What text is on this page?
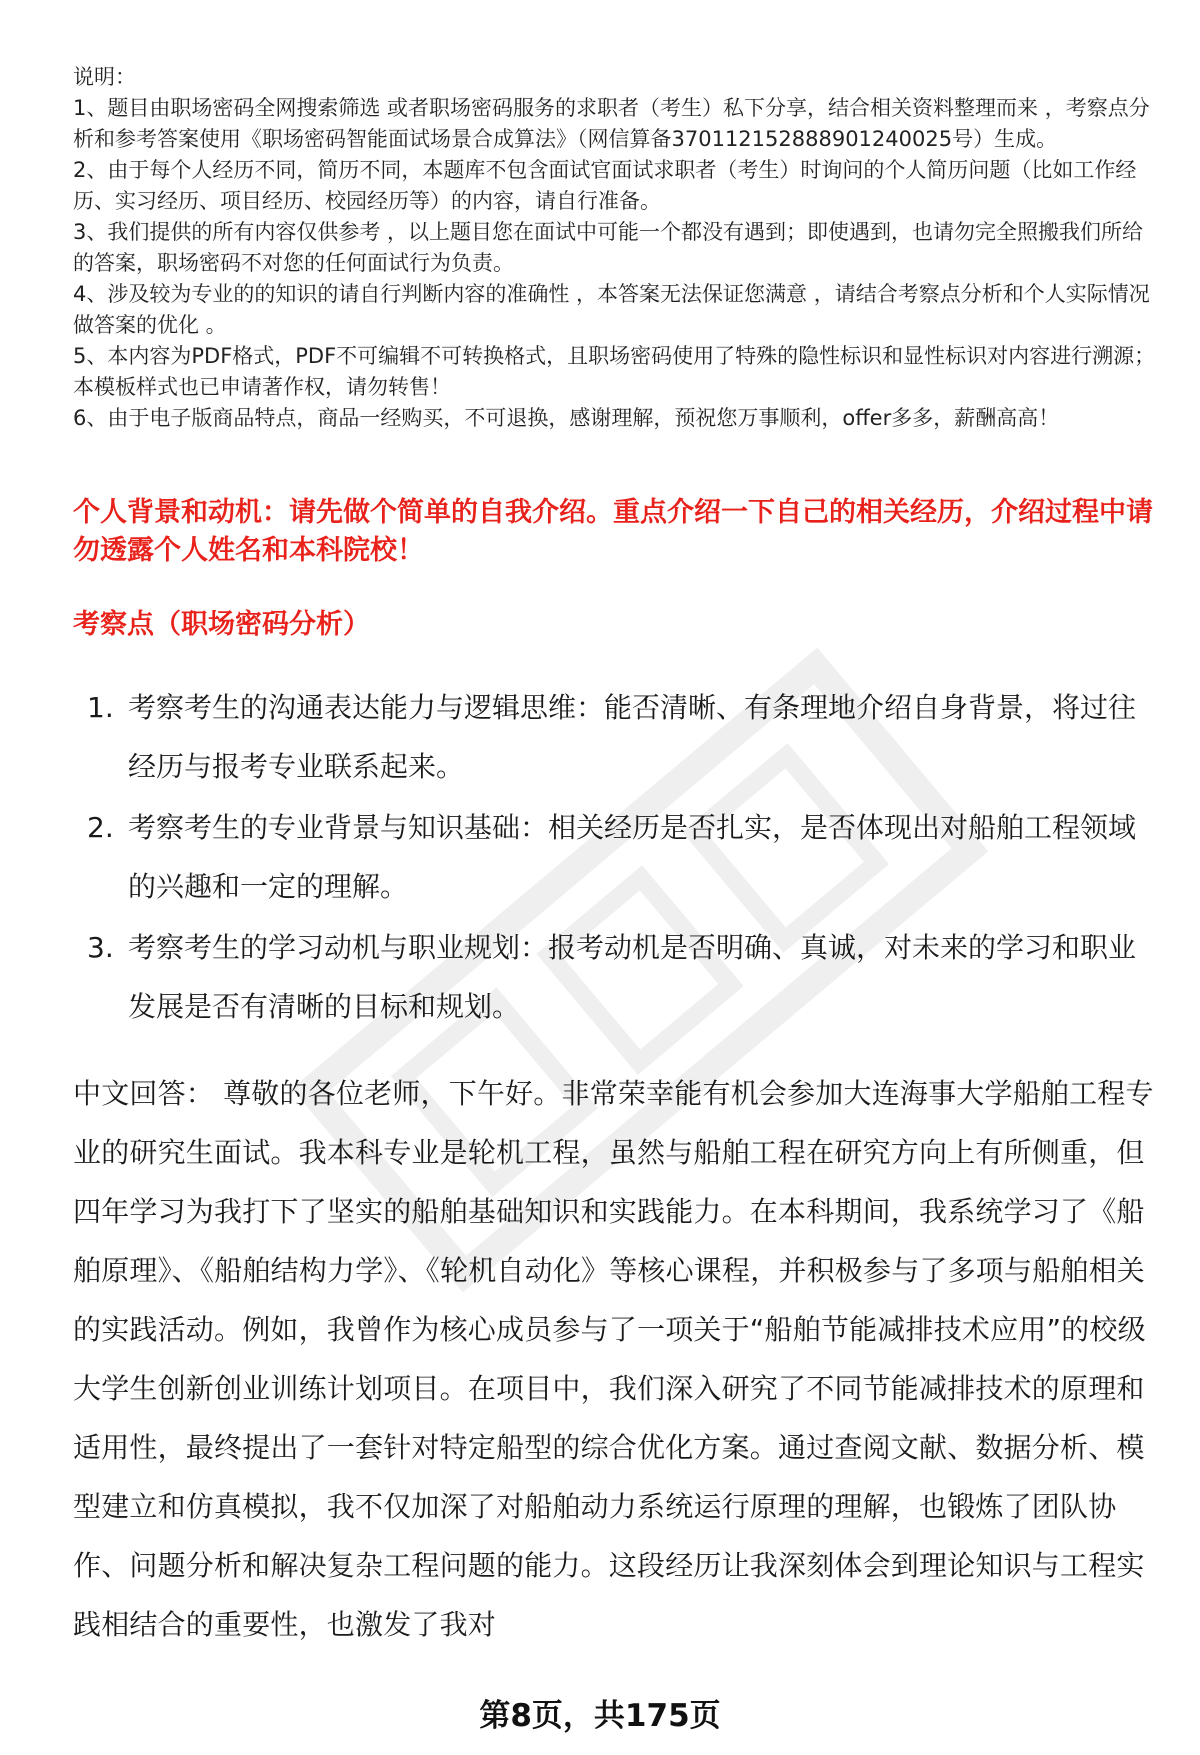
说明：

1、题目由职场密码全网搜索筛选 或者职场密码服务的求职者（考生）私下分享，结合相关资料整理而来 ，考察点分析和参考答案使用《职场密码智能面试场景合成算法》（网信算备370112152888901240025号）生成。

2、由于每个人经历不同，简历不同，本题库不包含面试官面试求职者（考生）时询问的个人简历问题（比如工作经历、实习经历、项目经历、校园经历等）的内容，请自行准备。

3、我们提供的所有内容仅供参考 ，以上题目您在面试中可能一个都没有遇到；即使遇到，也请勿完全照搬我们所给的答案，职场密码不对您的任何面试行为负责。

4、涉及较为专业的的知识的请自行判断内容的准确性 ，本答案无法保证您满意 ，请结合考察点分析和个人实际情况做答案的优化 。

5、本内容为PDF格式，PDF不可编辑不可转换格式，且职场密码使用了特殊的隐性标识和显性标识对内容进行溯源；本模板样式也已申请著作权，请勿转售！

6、由于电子版商品特点，商品一经购买，不可退换，感谢理解，预祝您万事顺利，offer多多，薪酬高高！

个人背景和动机：请先做个简单的自我介绍。重点介绍一下自己的相关经历，介绍过程中请勿透露个人姓名和本科院校！

考察点（职场密码分析）

1. 考察考生的沟通表达能力与逻辑思维：能否清晰、有条理地介绍自身背景，将过往经历与报考专业联系起来。
2. 考察考生的专业背景与知识基础：相关经历是否扎实，是否体现出对船舶工程领域的兴趣和一定的理解。
3. 考察考生的学习动机与职业规划：报考动机是否明确、真诚，对未来的学习和职业发展是否有清晰的目标和规划。

中文回答： 尊敬的各位老师，下午好。非常荣幸能有机会参加大连海事大学船舶工程专业的研究生面试。我本科专业是轮机工程，虽然与船舶工程在研究方向上有所侧重，但四年学习为我打下了坚实的船舶基础知识和实践能力。在本科期间，我系统学习了《船舶原理》、《船舶结构力学》、《轮机自动化》等核心课程，并积极参与了多项与船舶相关的实践活动。例如，我曾作为核心成员参与了一项关于“船舶节能减排技术应用”的校级大学生创新创业训练计划项目。在项目中，我们深入研究了不同节能减排技术的原理和适用性，最终提出了一套针对特定船型的综合优化方案。通过查阅文献、数据分析、模型建立和仿真模拟，我不仅加深了对船舶动力系统运行原理的理解，也锻炼了团队协作、问题分析和解决复杂工程问题的能力。这段经历让我深刻体会到理论知识与工程实践相结合的重要性，也激发了我对

第8页，共175页
